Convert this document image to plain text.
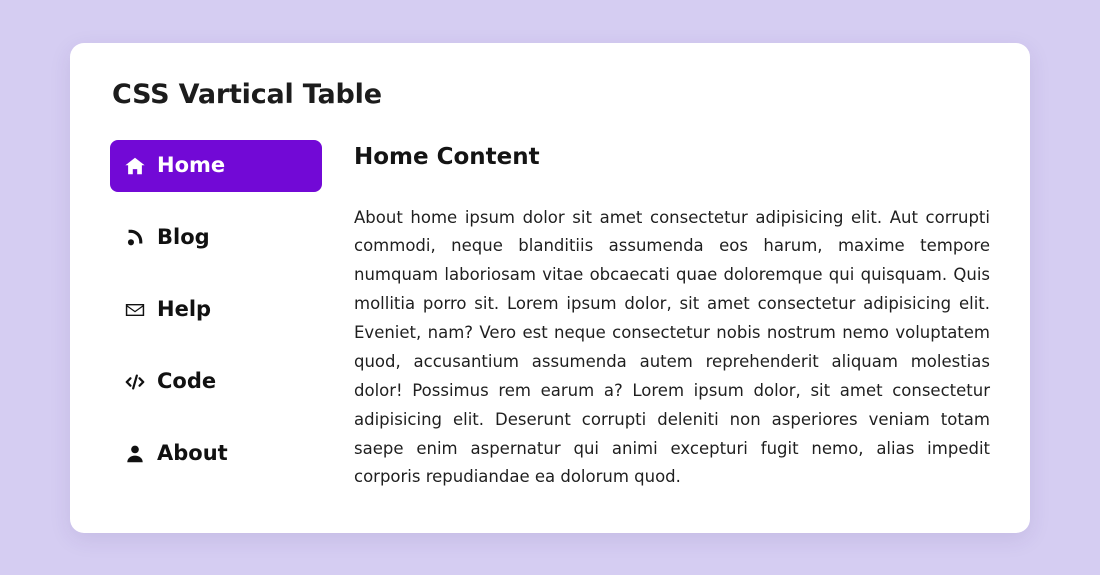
CSS Vartical Table
Home
Blog
Help
Code
About
Home Content

About home ipsum dolor sit amet consectetur adipisicing elit. Aut corrupti commodi, neque blanditiis assumenda eos harum, maxime tempore numquam laboriosam vitae obcaecati quae doloremque qui quisquam. Quis mollitia porro sit. Lorem ipsum dolor, sit amet consectetur adipisicing elit. Eveniet, nam? Vero est neque consectetur nobis nostrum nemo voluptatem quod, accusantium assumenda autem reprehenderit aliquam molestias dolor! Possimus rem earum a? Lorem ipsum dolor, sit amet consectetur adipisicing elit. Deserunt corrupti deleniti non asperiores veniam totam saepe enim aspernatur qui animi excepturi fugit nemo, alias impedit corporis repudiandae ea dolorum quod.
